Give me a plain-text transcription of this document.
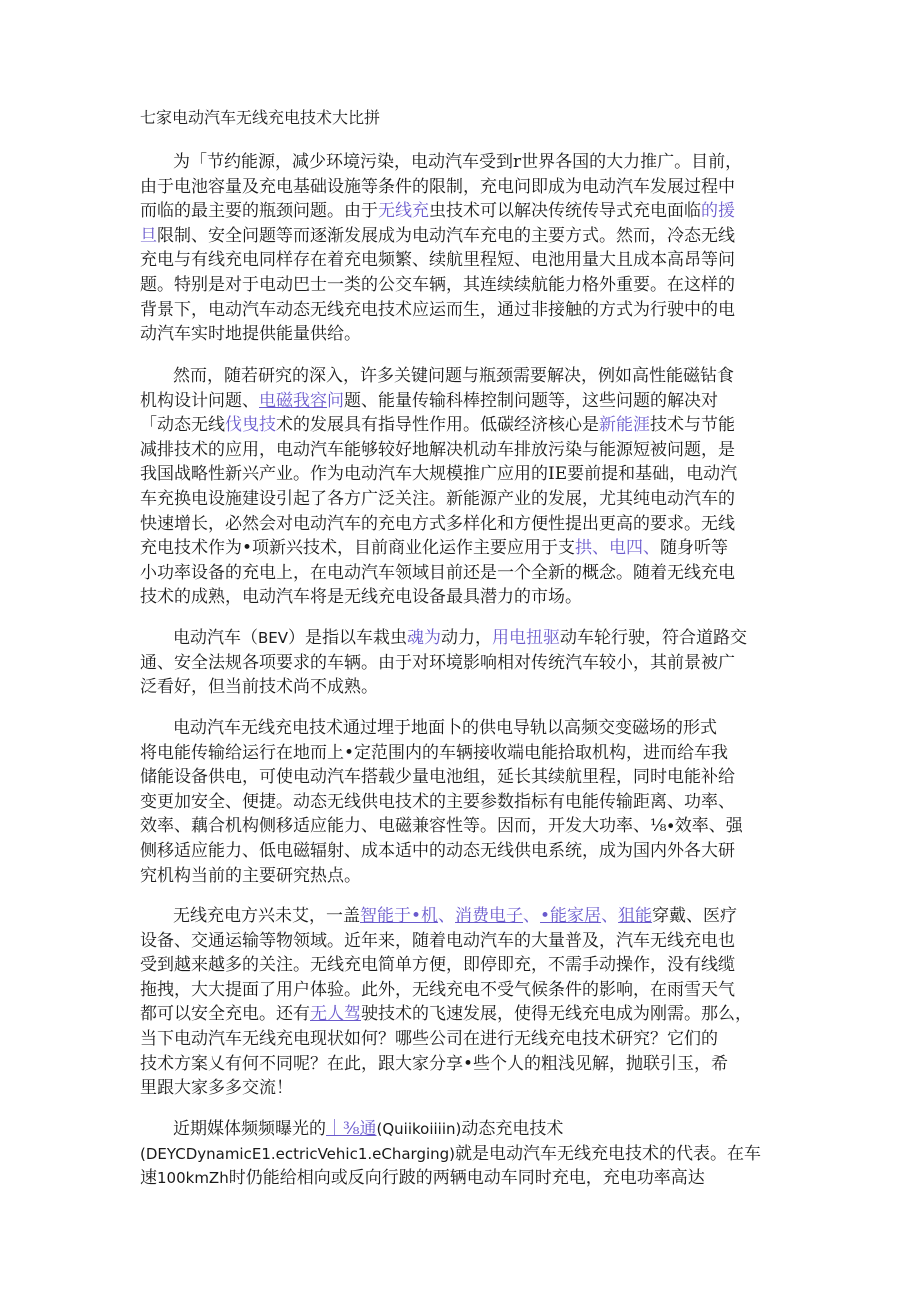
七家电动汽车无线充电技术大比拼
为「节约能源，减少环境污染，电动汽车受到r世界各国的大力推广。目前，
由于电池容量及充电基础设施等条件的限制，充电问即成为电动汽车发展过程中
而临的最主要的瓶颈问题。由于无线充虫技术可以解决传统传导式充电面临的援
旦限制、安全问题等而逐渐发展成为电动汽车充电的主要方式。然而，冷态无线
充电与有线充电同样存在着充电频繁、续航里程短、电池用量大且成本高昂等问
题。特别是对于电动巴士一类的公交车辆，其连续续航能力格外重要。在这样的
背景下，电动汽车动态无线充电技术应运而生，通过非接触的方式为行驶中的电
动汽车实时地提供能量供给。
然而，随若研究的深入，许多关键问题与瓶颈需要解决，例如高性能磁钻食
机构设计问题、电磁我容问题、能量传输科棒控制问题等，这些问题的解决对
「动态无线伐曳技术的发展具有指导性作用。低碳经济核心是新能涯技术与节能
减排技术的应用，电动汽车能够较好地解决机动车排放污染与能源短被问题，是
我国战略性新兴产业。作为电动汽车大规模推广应用的IE要前提和基础，电动汽
车充换电设施建设引起了各方广泛关注。新能源产业的发展，尤其纯电动汽车的
快速增长，必然会对电动汽车的充电方式多样化和方便性提出更高的要求。无线
充电技术作为•项新兴技术，目前商业化运作主要应用于支拱、电四、随身听等
小功率设备的充电上，在电动汽车领域目前还是一个全新的概念。随着无线充电
技术的成熟，电动汽车将是无线充电设备最具潜力的市场。
电动汽车（BEV）是指以车栽虫魂为动力，用电扭驱动车轮行驶，符合道路交
通、安全法规各项要求的车辆。由于对环境影响相对传统汽车较小，其前景被广
泛看好，但当前技术尚不成熟。
电动汽车无线充电技术通过埋于地面卜的供电导轨以高频交变磁场的形式
将电能传输给运行在地而上•定范围内的车辆接收端电能拾取机构，进而给车我
储能设备供电，可使电动汽车搭载少量电池组，延长其续航里程，同时电能补给
变更加安全、便捷。动态无线供电技术的主要参数指标有电能传输距离、功率、
效率、藕合机构侧移适应能力、电磁兼容性等。因而，开发大功率、⅛∙效率、强
侧移适应能力、低电磁辐射、成本适中的动态无线供电系统，成为国内外各大研
究机构当前的主要研究热点。
无线充电方兴未艾，一盖智能于•机、消费电子、•能家居、狙能穿戴、医疗
设备、交通运输等物领域。近年来，随着电动汽车的大量普及，汽车无线充电也
受到越来越多的关注。无线充电简单方便，即停即充，不需手动操作，没有线缆
拖拽，大大提面了用户体验。此外，无线充电不受气候条件的影响，在雨雪天气
都可以安全充电。还有无人驾驶技术的飞速发展，使得无线充电成为刚需。那么，
当下电动汽车无线充电现状如何？哪些公司在进行无线充电技术研究？它们的
技术方案乂有何不同呢？在此，跟大家分享•些个人的粗浅见解，抛联引玉，希
里跟大家多多交流！
近期媒体频频曝光的｜⅜通(Quiikoiiiin)动态充电技术
(DEYCDynamicE1.ectricVehic1.eCharging)就是电动汽车无线充电技术的代表。在车
速100kmZh时仍能给相向或反向行跛的两辆电动车同时充电，充电功率高达
